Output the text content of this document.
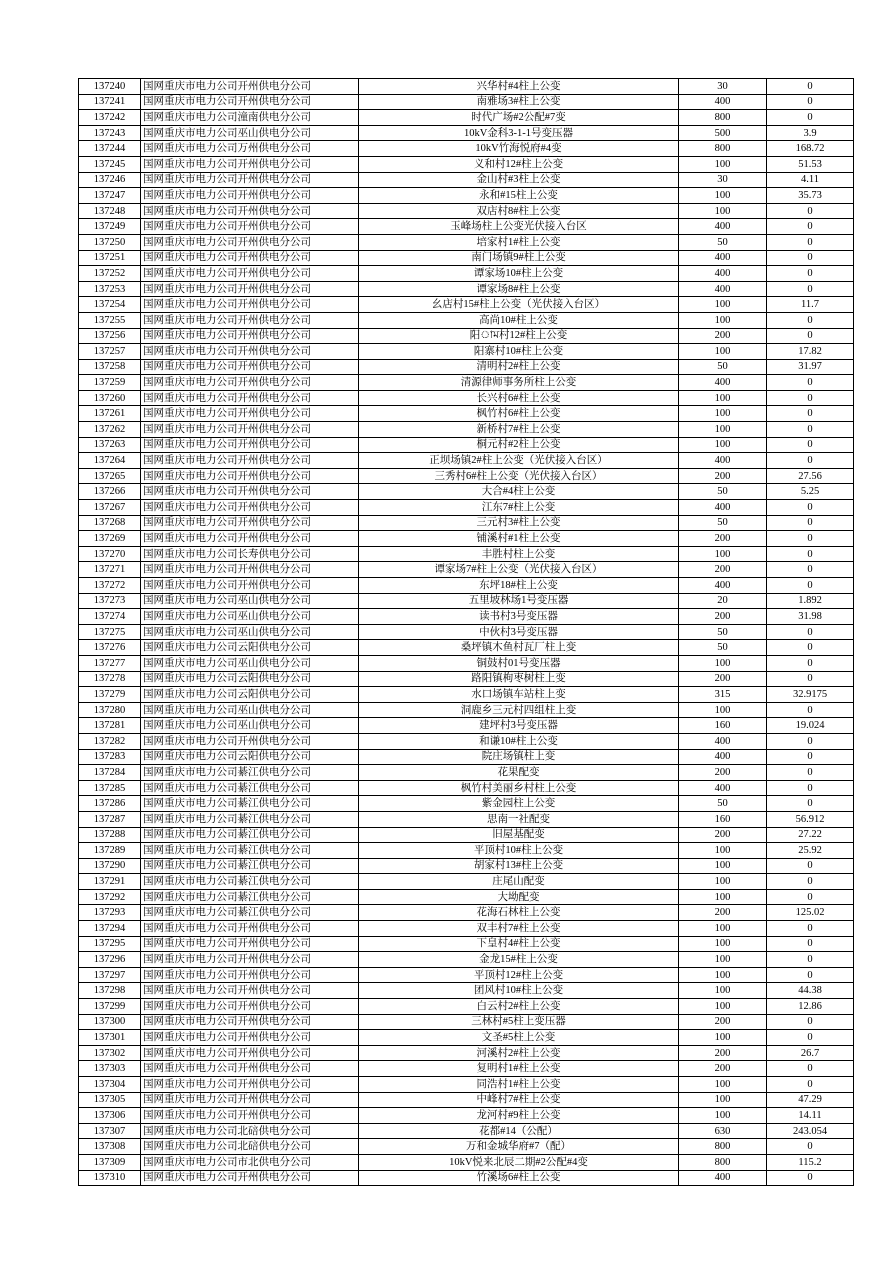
137240	国网重庆市电力公司开州供电分公司	兴华村#4柱上公变	30	0
137241	国网重庆市电力公司开州供电分公司	南雅场3#柱上公变	400	0
137242	国网重庆市电力公司潼南供电分公司	时代广场#2公配#7变	800	0
137243	国网重庆市电力公司巫山供电分公司	10kV金科3-1-1号变压器	500	3.9
137244	国网重庆市电力公司万州供电分公司	10kV竹海悦府#4变	800	168.72
137245	国网重庆市电力公司开州供电分公司	义和村12#柱上公变	100	51.53
137246	国网重庆市电力公司开州供电分公司	金山村#3柱上公变	30	4.11
137247	国网重庆市电力公司开州供电分公司	永和#15柱上公变	100	35.73
137248	国网重庆市电力公司开州供电分公司	双店村8#柱上公变	100	0
137249	国网重庆市电力公司开州供电分公司	玉峰场柱上公变光伏接入台区	400	0
137250	国网重庆市电力公司开州供电分公司	培家村1#柱上公变	50	0
137251	国网重庆市电力公司开州供电分公司	南门场镇9#柱上公变	400	0
137252	国网重庆市电力公司开州供电分公司	谭家场10#柱上公变	400	0
137253	国网重庆市电力公司开州供电分公司	谭家场8#柱上公变	400	0
137254	国网重庆市电力公司开州供电分公司	幺店村15#柱上公变（光伏接入台区）	100	11.7
137255	国网重庆市电力公司开州供电分公司	高尚10#柱上公变	100	0
137256	国网重庆市电力公司开州供电分公司	阳াম村12#柱上公变	200	0
137257	国网重庆市电力公司开州供电分公司	阳寨村10#柱上公变	100	17.82
137258	国网重庆市电力公司开州供电分公司	清明村2#柱上公变	50	31.97
137259	国网重庆市电力公司开州供电分公司	清源律师事务所柱上公变	400	0
137260	国网重庆市电力公司开州供电分公司	长兴村6#柱上公变	100	0
137261	国网重庆市电力公司开州供电分公司	枫竹村6#柱上公变	100	0
137262	国网重庆市电力公司开州供电分公司	新桥村7#柱上公变	100	0
137263	国网重庆市电力公司开州供电分公司	桐元村#2柱上公变	100	0
137264	国网重庆市电力公司开州供电分公司	正坝场镇2#柱上公变（光伏接入台区）	400	0
137265	国网重庆市电力公司开州供电分公司	三秀村6#柱上公变（光伏接入台区）	200	27.56
137266	国网重庆市电力公司开州供电分公司	大合#4柱上公变	50	5.25
137267	国网重庆市电力公司开州供电分公司	江东7#柱上公变	400	0
137268	国网重庆市电力公司开州供电分公司	三元村3#柱上公变	50	0
137269	国网重庆市电力公司开州供电分公司	铺溪村#1柱上公变	200	0
137270	国网重庆市电力公司长寿供电分公司	丰胜村柱上公变	100	0
137271	国网重庆市电力公司开州供电分公司	谭家场7#柱上公变（光伏接入台区）	200	0
137272	国网重庆市电力公司开州供电分公司	东坪18#柱上公变	400	0
137273	国网重庆市电力公司巫山供电分公司	五里坡林场1号变压器	20	1.892
137274	国网重庆市电力公司巫山供电分公司	读书村3号变压器	200	31.98
137275	国网重庆市电力公司巫山供电分公司	中伙村3号变压器	50	0
137276	国网重庆市电力公司云阳供电分公司	桑坪镇木鱼村瓦厂柱上变	50	0
137277	国网重庆市电力公司巫山供电分公司	铜鼓村01号变压器	100	0
137278	国网重庆市电力公司云阳供电分公司	路阳镇枸枣树柱上变	200	0
137279	国网重庆市电力公司云阳供电分公司	水口场镇车站柱上变	315	32.9175
137280	国网重庆市电力公司巫山供电分公司	洞鹿乡三元村四组柱上变	100	0
137281	国网重庆市电力公司巫山供电分公司	建坪村3号变压器	160	19.024
137282	国网重庆市电力公司开州供电分公司	和谦10#柱上公变	400	0
137283	国网重庆市电力公司云阳供电分公司	院庄场镇柱上变	400	0
137284	国网重庆市电力公司綦江供电分公司	花果配变	200	0
137285	国网重庆市电力公司綦江供电分公司	枫竹村美丽乡村柱上公变	400	0
137286	国网重庆市电力公司綦江供电分公司	紫金园柱上公变	50	0
137287	国网重庆市电力公司綦江供电分公司	思南一社配变	160	56.912
137288	国网重庆市电力公司綦江供电分公司	旧屋基配变	200	27.22
137289	国网重庆市电力公司綦江供电分公司	平顶村10#柱上公变	100	25.92
137290	国网重庆市电力公司綦江供电分公司	胡家村13#柱上公变	100	0
137291	国网重庆市电力公司綦江供电分公司	庄尾山配变	100	0
137292	国网重庆市电力公司綦江供电分公司	大坳配变	100	0
137293	国网重庆市电力公司綦江供电分公司	花海石林柱上公变	200	125.02
137294	国网重庆市电力公司开州供电分公司	双丰村7#柱上公变	100	0
137295	国网重庆市电力公司开州供电分公司	下皇村4#柱上公变	100	0
137296	国网重庆市电力公司开州供电分公司	金龙15#柱上公变	100	0
137297	国网重庆市电力公司开州供电分公司	平顶村12#柱上公变	100	0
137298	国网重庆市电力公司开州供电分公司	团风村10#柱上公变	100	44.38
137299	国网重庆市电力公司开州供电分公司	白云村2#柱上公变	100	12.86
137300	国网重庆市电力公司开州供电分公司	三林村#5柱上变压器	200	0
137301	国网重庆市电力公司开州供电分公司	文圣#5柱上公变	100	0
137302	国网重庆市电力公司开州供电分公司	河溪村2#柱上公变	200	26.7
137303	国网重庆市电力公司开州供电分公司	复明村1#柱上公变	200	0
137304	国网重庆市电力公司开州供电分公司	同浩村1#柱上公变	100	0
137305	国网重庆市电力公司开州供电分公司	中峰村7#柱上公变	100	47.29
137306	国网重庆市电力公司开州供电分公司	龙河村#9柱上公变	100	14.11
137307	国网重庆市电力公司北碚供电分公司	花都#14（公配）	630	243.054
137308	国网重庆市电力公司北碚供电分公司	万和金城华府#7（配）	800	0
137309	国网重庆市电力公司市北供电分公司	10kV悦来北辰二期#2公配#4变	800	115.2
137310	国网重庆市电力公司开州供电分公司	竹溪场6#柱上公变	400	0
